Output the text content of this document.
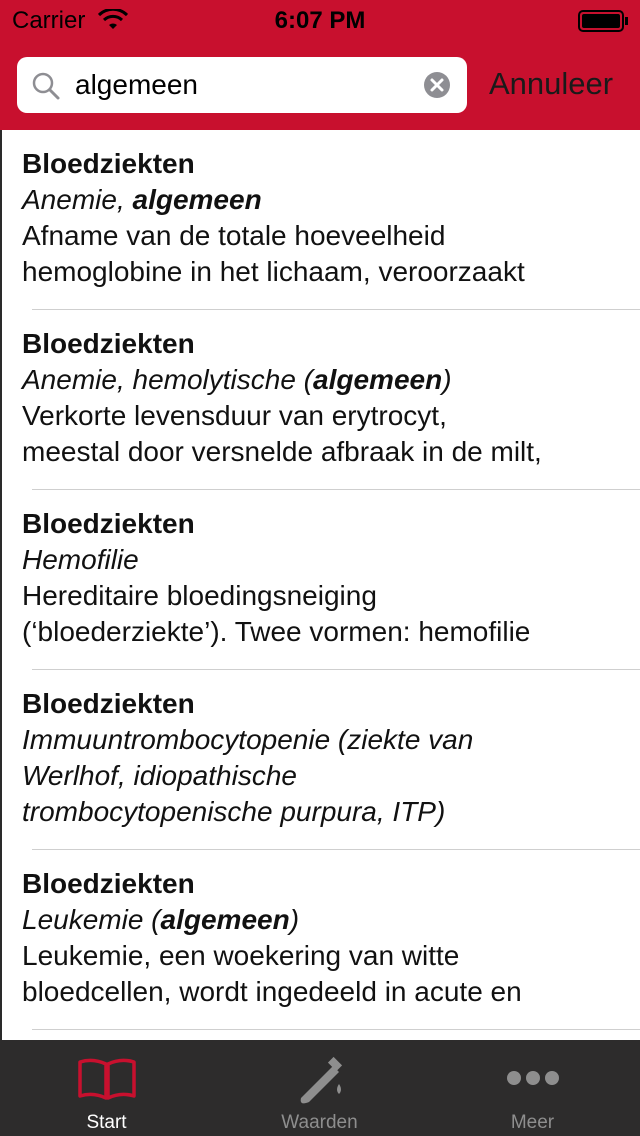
Carrier	6:07 PM
algemeen
Annuleer
Bloedziekten
Anemie, algemeen
Afname van de totale hoeveelheid
hemoglobine in het lichaam, veroorzaakt
Bloedziekten
Anemie, hemolytische (algemeen)
Verkorte levensduur van erytrocyt,
meestal door versnelde afbraak in de milt,
Bloedziekten
Hemofilie
Hereditaire bloedingsneiging
(‘bloederziekte’). Twee vormen: hemofilie
Bloedziekten
Immuuntrombocytopenie (ziekte van
Werlhof, idiopathische
trombocytopenische purpura, ITP)
Bloedziekten
Leukemie (algemeen)
Leukemie, een woekering van witte
bloedcellen, wordt ingedeeld in acute en
Start	Waarden	Meer
